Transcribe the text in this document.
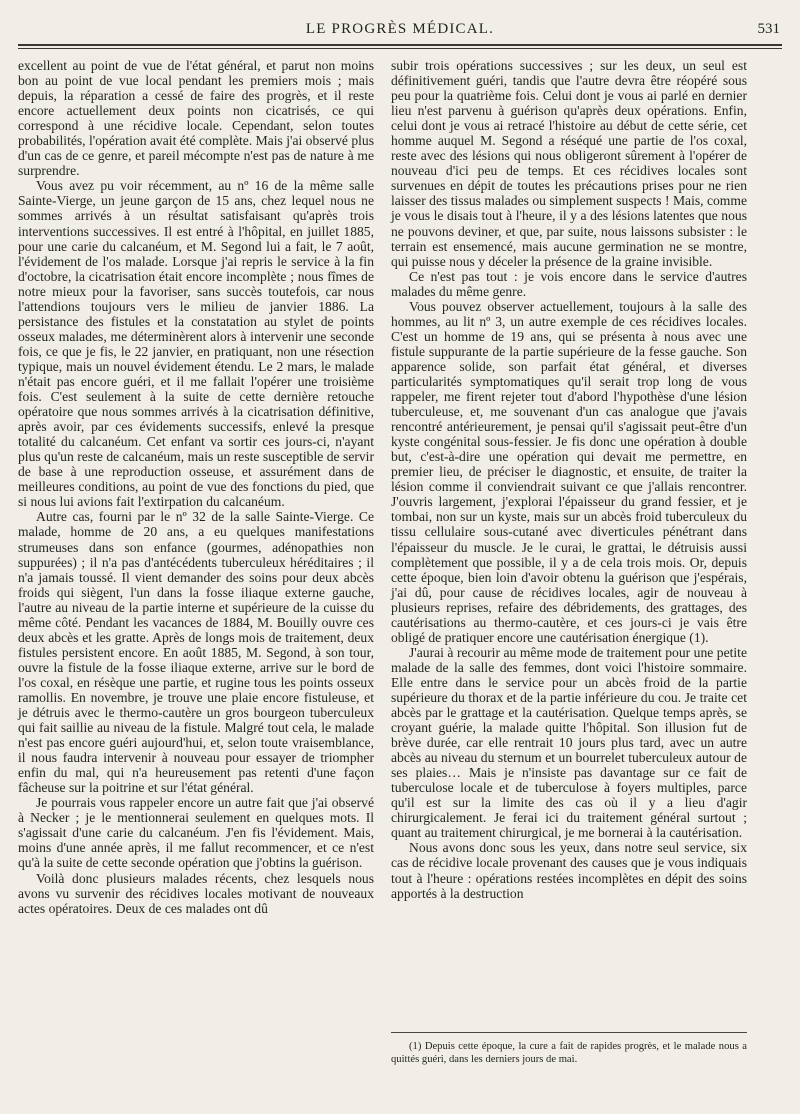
LE PROGRÈS MÉDICAL.	531

excellent au point de vue de l'état général, et parut non moins bon au point de vue local pendant les premiers mois ; mais depuis, la réparation a cessé de faire des progrès, et il reste encore actuellement deux points non cicatrisés, ce qui correspond à une récidive locale. Cependant, selon toutes probabilités, l'opération avait été complète. Mais j'ai observé plus d'un cas de ce genre, et pareil mécompte n'est pas de nature à me surprendre.

Vous avez pu voir récemment, au nº 16 de la même salle Sainte-Vierge, un jeune garçon de 15 ans, chez lequel nous ne sommes arrivés à un résultat satisfaisant qu'après trois interventions successives. Il est entré à l'hôpital, en juillet 1885, pour une carie du calcanéum, et M. Segond lui a fait, le 7 août, l'évidement de l'os malade. Lorsque j'ai repris le service à la fin d'octobre, la cicatrisation était encore incomplète ; nous fîmes de notre mieux pour la favoriser, sans succès toutefois, car nous l'attendions toujours vers le milieu de janvier 1886. La persistance des fistules et la constatation au stylet de points osseux malades, me déterminèrent alors à intervenir une seconde fois, ce que je fis, le 22 janvier, en pratiquant, non une résection typique, mais un nouvel évidement étendu. Le 2 mars, le malade n'était pas encore guéri, et il me fallait l'opérer une troisième fois. C'est seulement à la suite de cette dernière retouche opératoire que nous sommes arrivés à la cicatrisation définitive, après avoir, par ces évidements successifs, enlevé la presque totalité du calcanéum. Cet enfant va sortir ces jours-ci, n'ayant plus qu'un reste de calcanéum, mais un reste susceptible de servir de base à une reproduction osseuse, et assurément dans de meilleures conditions, au point de vue des fonctions du pied, que si nous lui avions fait l'extirpation du calcanéum.

Autre cas, fourni par le nº 32 de la salle Sainte-Vierge. Ce malade, homme de 20 ans, a eu quelques manifestations strumeuses dans son enfance (gourmes, adénopathies non suppurées) ; il n'a pas d'antécédents tuberculeux héréditaires ; il n'a jamais toussé. Il vient demander des soins pour deux abcès froids qui siègent, l'un dans la fosse iliaque externe gauche, l'autre au niveau de la partie interne et supérieure de la cuisse du même côté. Pendant les vacances de 1884, M. Bouilly ouvre ces deux abcès et les gratte. Après de longs mois de traitement, deux fistules persistent encore. En août 1885, M. Segond, à son tour, ouvre la fistule de la fosse iliaque externe, arrive sur le bord de l'os coxal, en résèque une partie, et rugine tous les points osseux ramollis. En novembre, je trouve une plaie encore fistuleuse, et je détruis avec le thermo-cautère un gros bourgeon tuberculeux qui fait saillie au niveau de la fistule. Malgré tout cela, le malade n'est pas encore guéri aujourd'hui, et, selon toute vraisemblance, il nous faudra intervenir à nouveau pour essayer de triompher enfin du mal, qui n'a heureusement pas retenti d'une façon fâcheuse sur la poitrine et sur l'état général.

Je pourrais vous rappeler encore un autre fait que j'ai observé à Necker ; je le mentionnerai seulement en quelques mots. Il s'agissait d'une carie du calcanéum. J'en fis l'évidement. Mais, moins d'une année après, il me fallut recommencer, et ce n'est qu'à la suite de cette seconde opération que j'obtins la guérison.

Voilà donc plusieurs malades récents, chez lesquels nous avons vu survenir des récidives locales motivant de nouveaux actes opératoires. Deux de ces malades ont dû

subir trois opérations successives ; sur les deux, un seul est définitivement guéri, tandis que l'autre devra être réopéré sous peu pour la quatrième fois. Celui dont je vous ai parlé en dernier lieu n'est parvenu à guérison qu'après deux opérations. Enfin, celui dont je vous ai retracé l'histoire au début de cette série, cet homme auquel M. Segond a réséqué une partie de l'os coxal, reste avec des lésions qui nous obligeront sûrement à l'opérer de nouveau d'ici peu de temps. Et ces récidives locales sont survenues en dépit de toutes les précautions prises pour ne rien laisser des tissus malades ou simplement suspects ! Mais, comme je vous le disais tout à l'heure, il y a des lésions latentes que nous ne pouvons deviner, et que, par suite, nous laissons subsister : le terrain est ensemencé, mais aucune germination ne se montre, qui puisse nous y déceler la présence de la graine invisible.

Ce n'est pas tout : je vois encore dans le service d'autres malades du même genre.

Vous pouvez observer actuellement, toujours à la salle des hommes, au lit nº 3, un autre exemple de ces récidives locales. C'est un homme de 19 ans, qui se présenta à nous avec une fistule suppurante de la partie supérieure de la fesse gauche. Son apparence solide, son parfait état général, et diverses particularités symptomatiques qu'il serait trop long de vous rappeler, me firent rejeter tout d'abord l'hypothèse d'une lésion tuberculeuse, et, me souvenant d'un cas analogue que j'avais rencontré antérieurement, je pensai qu'il s'agissait peut-être d'un kyste congénital sous-fessier. Je fis donc une opération à double but, c'est-à-dire une opération qui devait me permettre, en premier lieu, de préciser le diagnostic, et ensuite, de traiter la lésion comme il conviendrait suivant ce que j'allais rencontrer. J'ouvris largement, j'explorai l'épaisseur du grand fessier, et je tombai, non sur un kyste, mais sur un abcès froid tuberculeux du tissu cellulaire sous-cutané avec diverticules pénétrant dans l'épaisseur du muscle. Je le curai, le grattai, le détruisis aussi complètement que possible, il y a de cela trois mois. Or, depuis cette époque, bien loin d'avoir obtenu la guérison que j'espérais, j'ai dû, pour cause de récidives locales, agir de nouveau à plusieurs reprises, refaire des débridements, des grattages, des cautérisations au thermo-cautère, et ces jours-ci je vais être obligé de pratiquer encore une cautérisation énergique (1).

J'aurai à recourir au même mode de traitement pour une petite malade de la salle des femmes, dont voici l'histoire sommaire. Elle entre dans le service pour un abcès froid de la partie supérieure du thorax et de la partie inférieure du cou. Je traite cet abcès par le grattage et la cautérisation. Quelque temps après, se croyant guérie, la malade quitte l'hôpital. Son illusion fut de brève durée, car elle rentrait 10 jours plus tard, avec un autre abcès au niveau du sternum et un bourrelet tuberculeux autour de ses plaies… Mais je n'insiste pas davantage sur ce fait de tuberculose locale et de tuberculose à foyers multiples, parce qu'il est sur la limite des cas où il y a lieu d'agir chirurgicalement. Je ferai ici du traitement général surtout ; quant au traitement chirurgical, je me bornerai à la cautérisation.

Nous avons donc sous les yeux, dans notre seul service, six cas de récidive locale provenant des causes que je vous indiquais tout à l'heure : opérations restées incomplètes en dépit des soins apportés à la destruction

(1) Depuis cette époque, la cure a fait de rapides progrès, et le malade nous a quittés guéri, dans les derniers jours de mai.
